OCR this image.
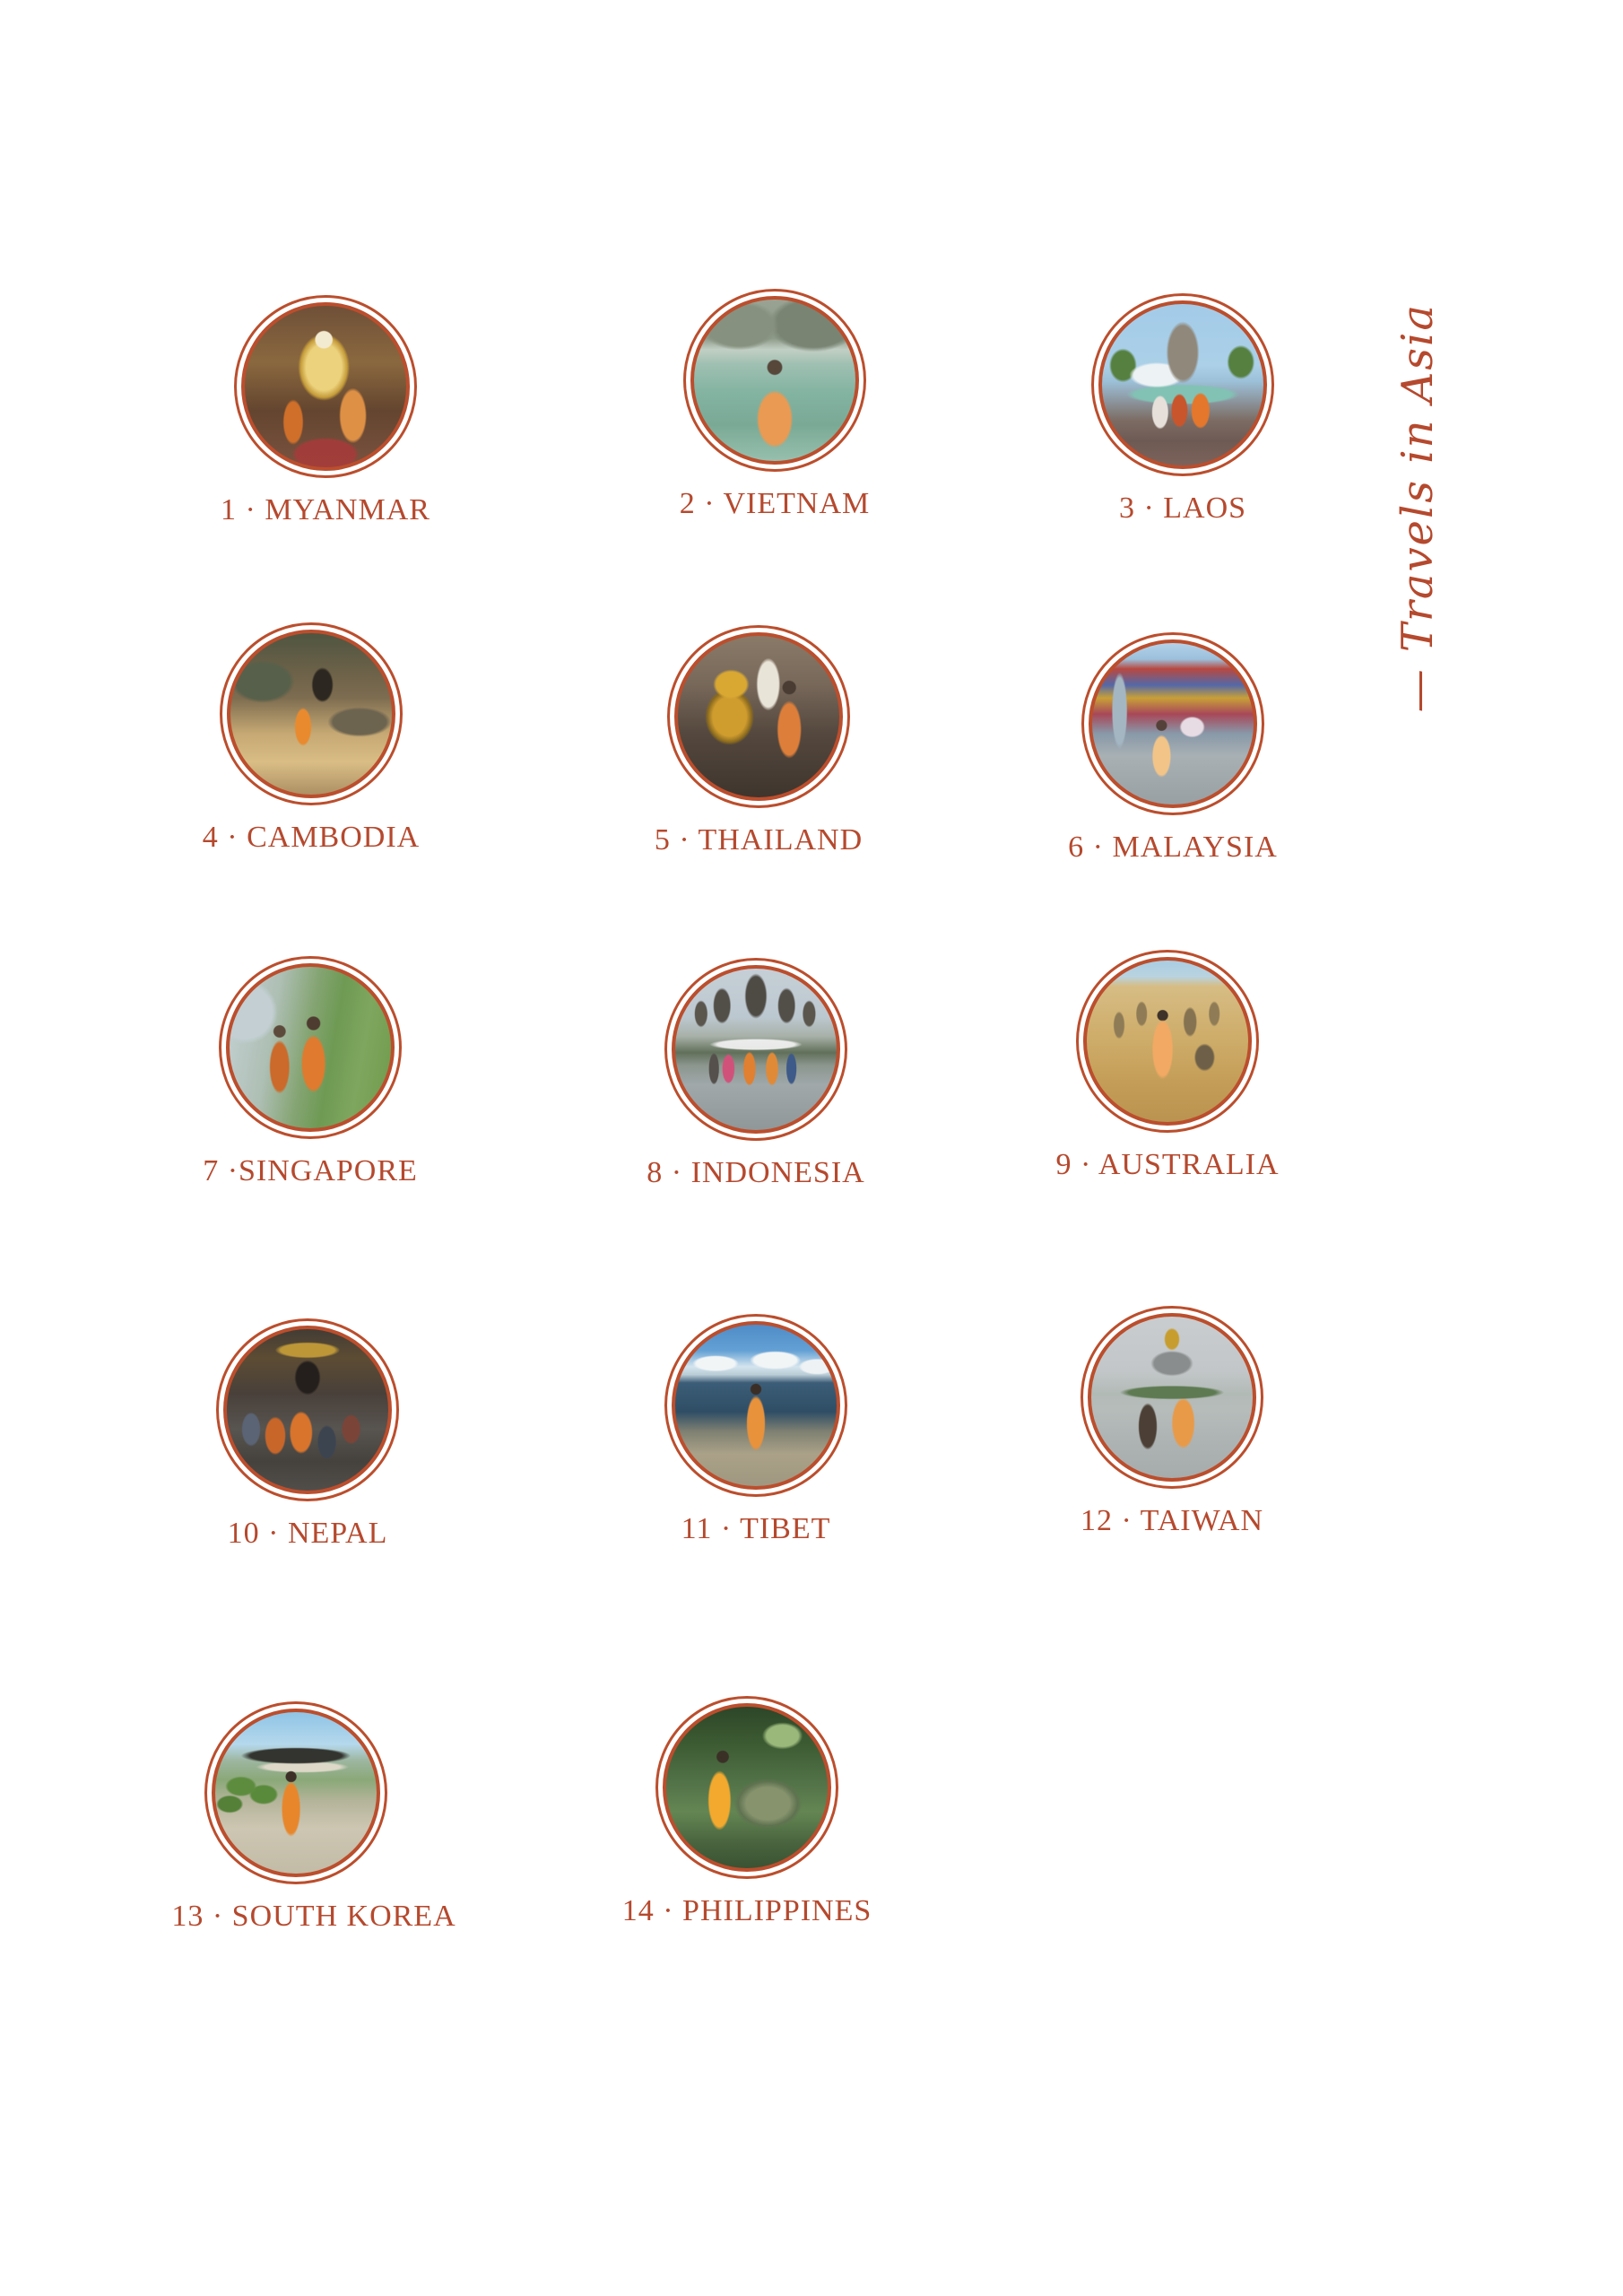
1 · MYANMAR	2 · VIETNAM	3 · LAOS
4 · CAMBODIA	5 · THAILAND	6 · MALAYSIA
7 ·SINGAPORE	8 · INDONESIA	9 · AUSTRALIA
10 · NEPAL	11 · TIBET	12 · TAIWAN
13 · SOUTH KOREA	14 · PHILIPPINES
— Travels in Asia
